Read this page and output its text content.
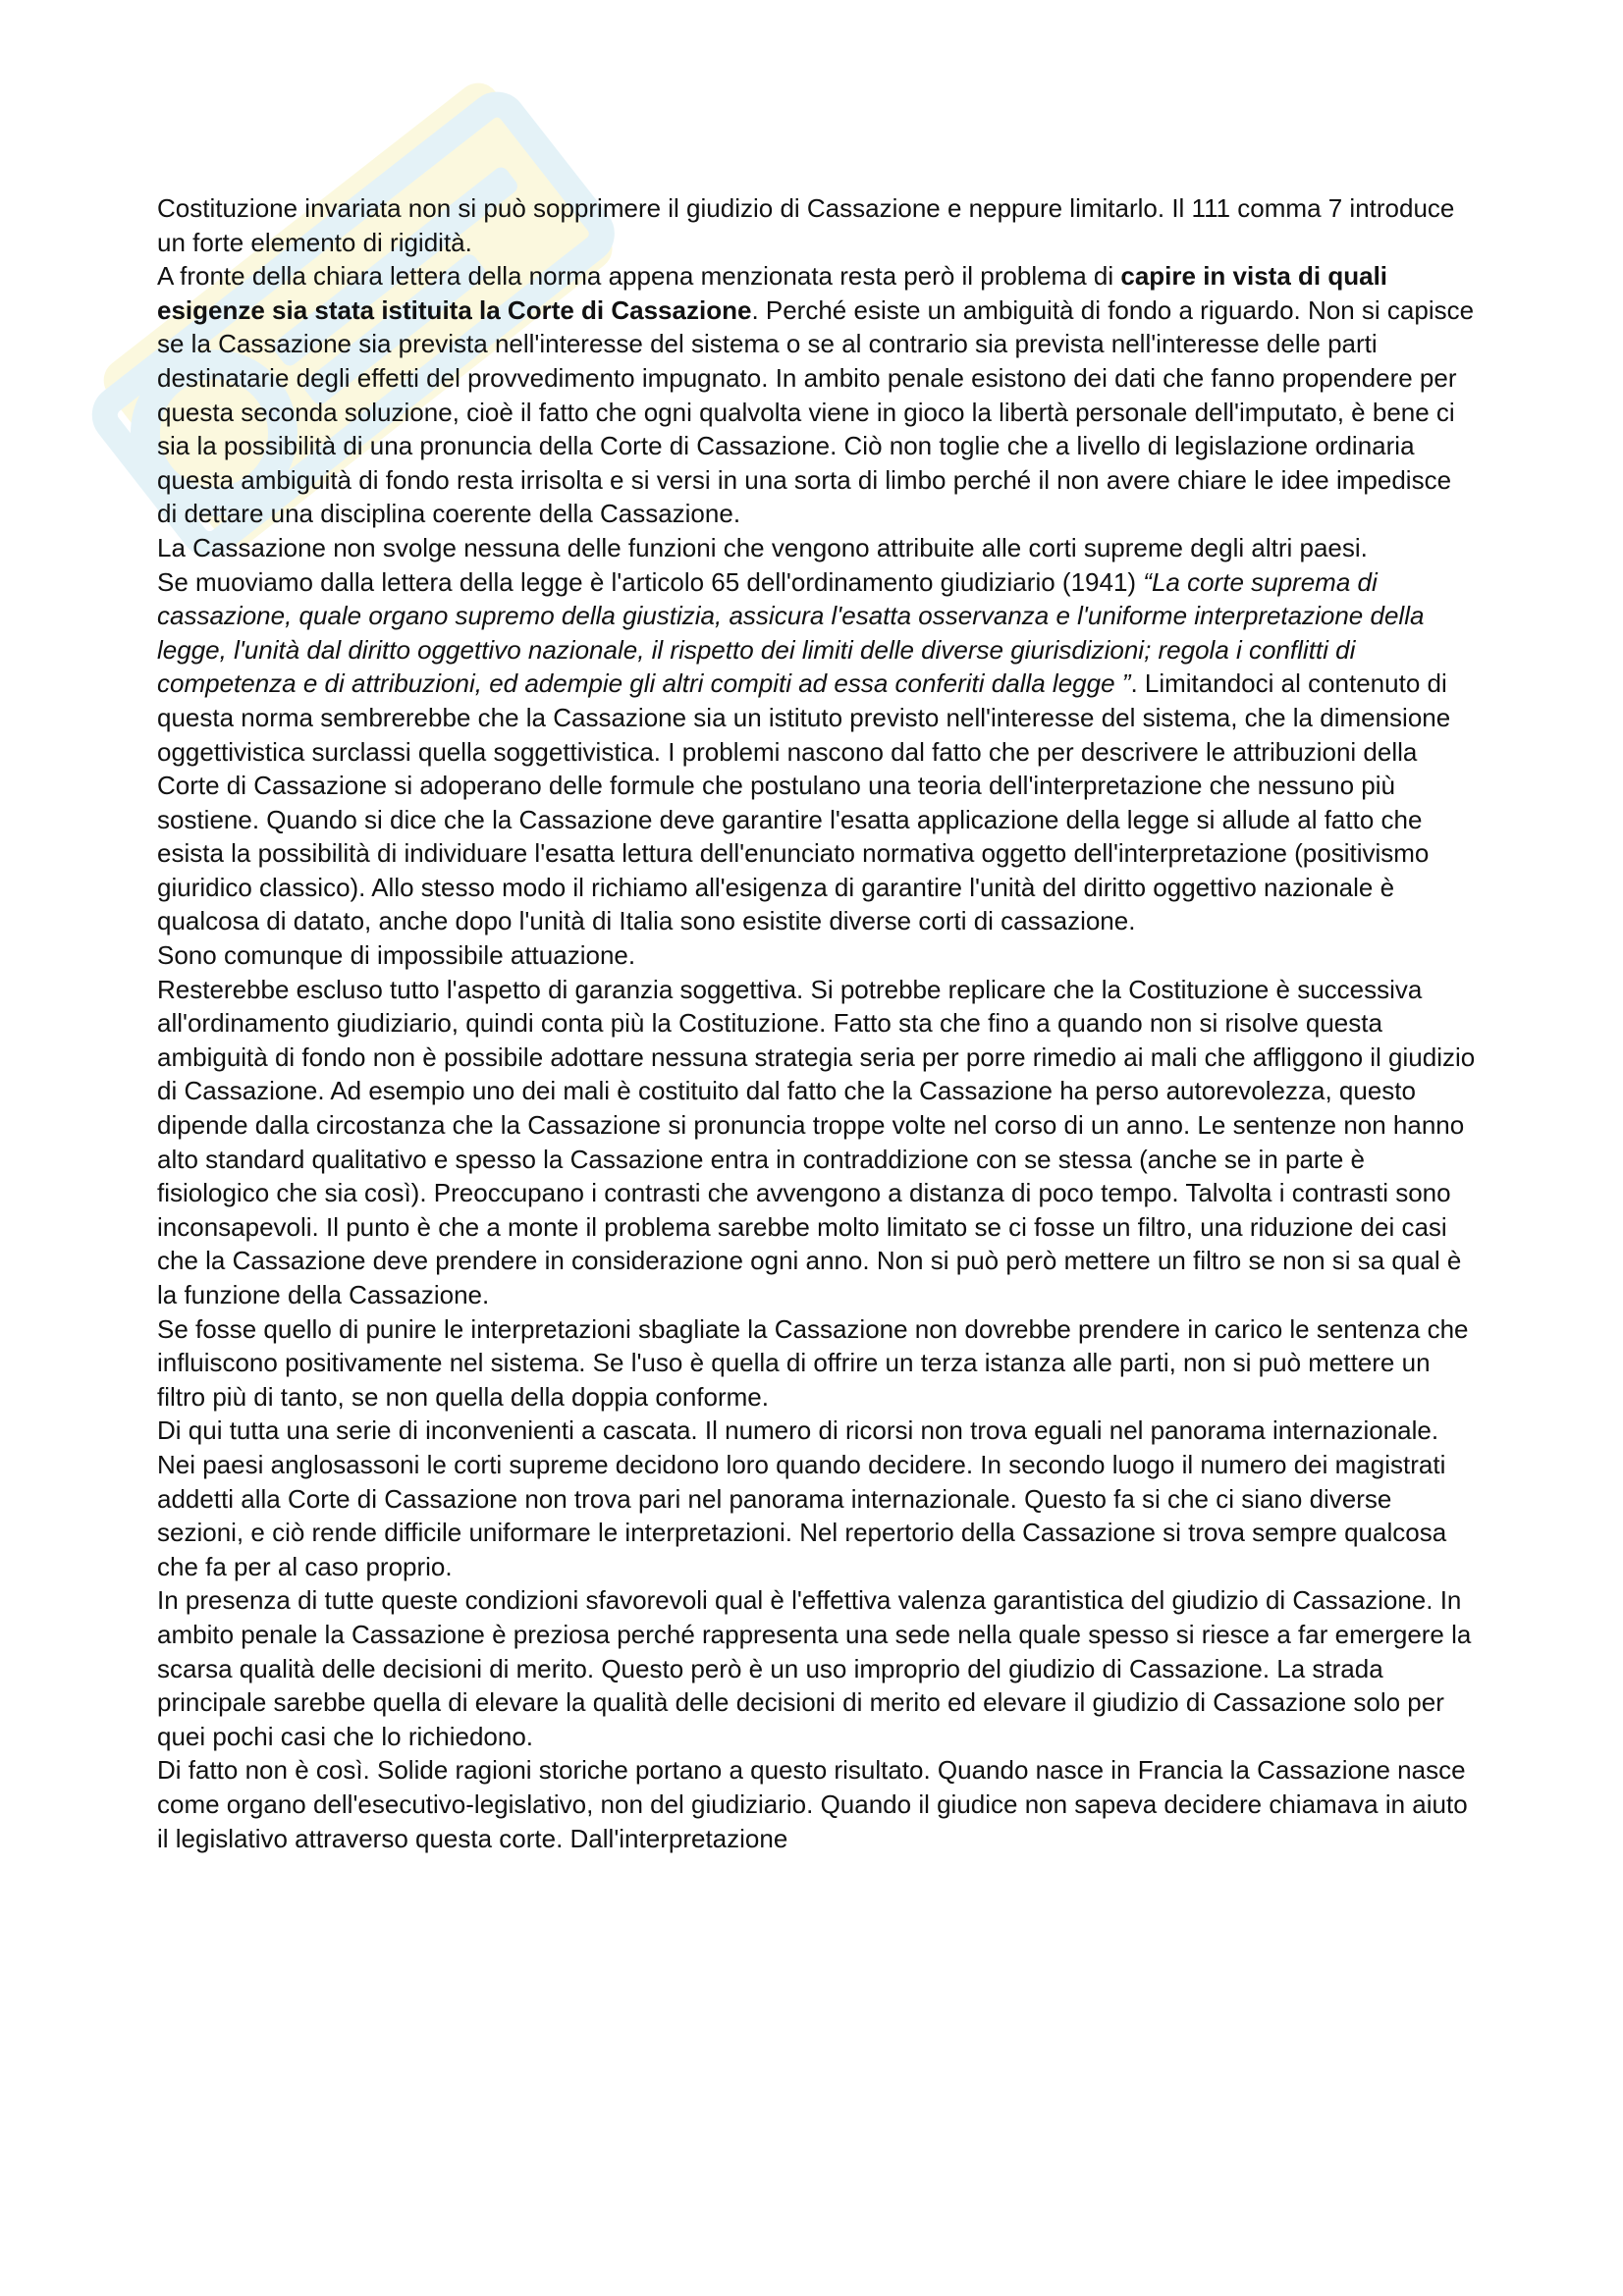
Costituzione invariata non si può sopprimere il giudizio di Cassazione e neppure limitarlo. Il 111 comma 7 introduce un forte elemento di rigidità.

A fronte della chiara lettera della norma appena menzionata resta però il problema di capire in vista di quali esigenze sia stata istituita la Corte di Cassazione. Perché esiste un ambiguità di fondo a riguardo. Non si capisce se la Cassazione sia prevista nell'interesse del sistema o se al contrario sia prevista nell'interesse delle parti destinatarie degli effetti del provvedimento impugnato. In ambito penale esistono dei dati che fanno propendere per questa seconda soluzione, cioè il fatto che ogni qualvolta viene in gioco la libertà personale dell'imputato, è bene ci sia la possibilità di una pronuncia della Corte di Cassazione. Ciò non toglie che a livello di legislazione ordinaria questa ambiguità di fondo resta irrisolta e si versi in una sorta di limbo perché il non avere chiare le idee impedisce di dettare una disciplina coerente della Cassazione.

La Cassazione non svolge nessuna delle funzioni che vengono attribuite alle corti supreme degli altri paesi.

Se muoviamo dalla lettera della legge è l'articolo 65 dell'ordinamento giudiziario (1941) “La corte suprema di cassazione, quale organo supremo della giustizia, assicura l'esatta osservanza e l'uniforme interpretazione della legge, l'unità dal diritto oggettivo nazionale, il rispetto dei limiti delle diverse giurisdizioni; regola i conflitti di competenza e di attribuzioni, ed adempie gli altri compiti ad essa conferiti dalla legge ”. Limitandoci al contenuto di questa norma sembrerebbe che la Cassazione sia un istituto previsto nell'interesse del sistema, che la dimensione oggettivistica surclassi quella soggettivistica. I problemi nascono dal fatto che per descrivere le attribuzioni della Corte di Cassazione si adoperano delle formule che postulano una teoria dell'interpretazione che nessuno più sostiene. Quando si dice che la Cassazione deve garantire l'esatta applicazione della legge si allude al fatto che esista la possibilità di individuare l'esatta lettura dell'enunciato normativa oggetto dell'interpretazione (positivismo giuridico classico). Allo stesso modo il richiamo all'esigenza di garantire l'unità del diritto oggettivo nazionale è qualcosa di datato, anche dopo l'unità di Italia sono esistite diverse corti di cassazione.

Sono comunque di impossibile attuazione.

Resterebbe escluso tutto l'aspetto di garanzia soggettiva. Si potrebbe replicare che la Costituzione è successiva all'ordinamento giudiziario, quindi conta più la Costituzione. Fatto sta che fino a quando non si risolve questa ambiguità di fondo non è possibile adottare nessuna strategia seria per porre rimedio ai mali che affliggono il giudizio di Cassazione. Ad esempio uno dei mali è costituito dal fatto che la Cassazione ha perso autorevolezza, questo dipende dalla circostanza che la Cassazione si pronuncia troppe volte nel corso di un anno. Le sentenze non hanno alto standard qualitativo e spesso la Cassazione entra in contraddizione con se stessa (anche se in parte è fisiologico che sia così). Preoccupano i contrasti che avvengono a distanza di poco tempo. Talvolta i contrasti sono inconsapevoli. Il punto è che a monte il problema sarebbe molto limitato se ci fosse un filtro, una riduzione dei casi che la Cassazione deve prendere in considerazione ogni anno. Non si può però mettere un filtro se non si sa qual è la funzione della Cassazione.

Se fosse quello di punire le interpretazioni sbagliate la Cassazione non dovrebbe prendere in carico le sentenza che influiscono positivamente nel sistema. Se l'uso è quella di offrire un terza istanza alle parti, non si può mettere un filtro più di tanto, se non quella della doppia conforme.

Di qui tutta una serie di inconvenienti a cascata. Il numero di ricorsi non trova eguali nel panorama internazionale. Nei paesi anglosassoni le corti supreme decidono loro quando decidere. In secondo luogo il numero dei magistrati addetti alla Corte di Cassazione non trova pari nel panorama internazionale. Questo fa si che ci siano diverse sezioni, e ciò rende difficile uniformare le interpretazioni. Nel repertorio della Cassazione si trova sempre qualcosa che fa per al caso proprio.

In presenza di tutte queste condizioni sfavorevoli qual è l'effettiva valenza garantistica del giudizio di Cassazione. In ambito penale la Cassazione è preziosa perché rappresenta una sede nella quale spesso si riesce a far emergere la scarsa qualità delle decisioni di merito. Questo però è un uso improprio del giudizio di Cassazione. La strada principale sarebbe quella di elevare la qualità delle decisioni di merito ed elevare il giudizio di Cassazione solo per quei pochi casi che lo richiedono.

Di fatto non è così. Solide ragioni storiche portano a questo risultato. Quando nasce in Francia la Cassazione nasce come organo dell'esecutivo-legislativo, non del giudiziario. Quando il giudice non sapeva decidere chiamava in aiuto il legislativo attraverso questa corte. Dall'interpretazione
